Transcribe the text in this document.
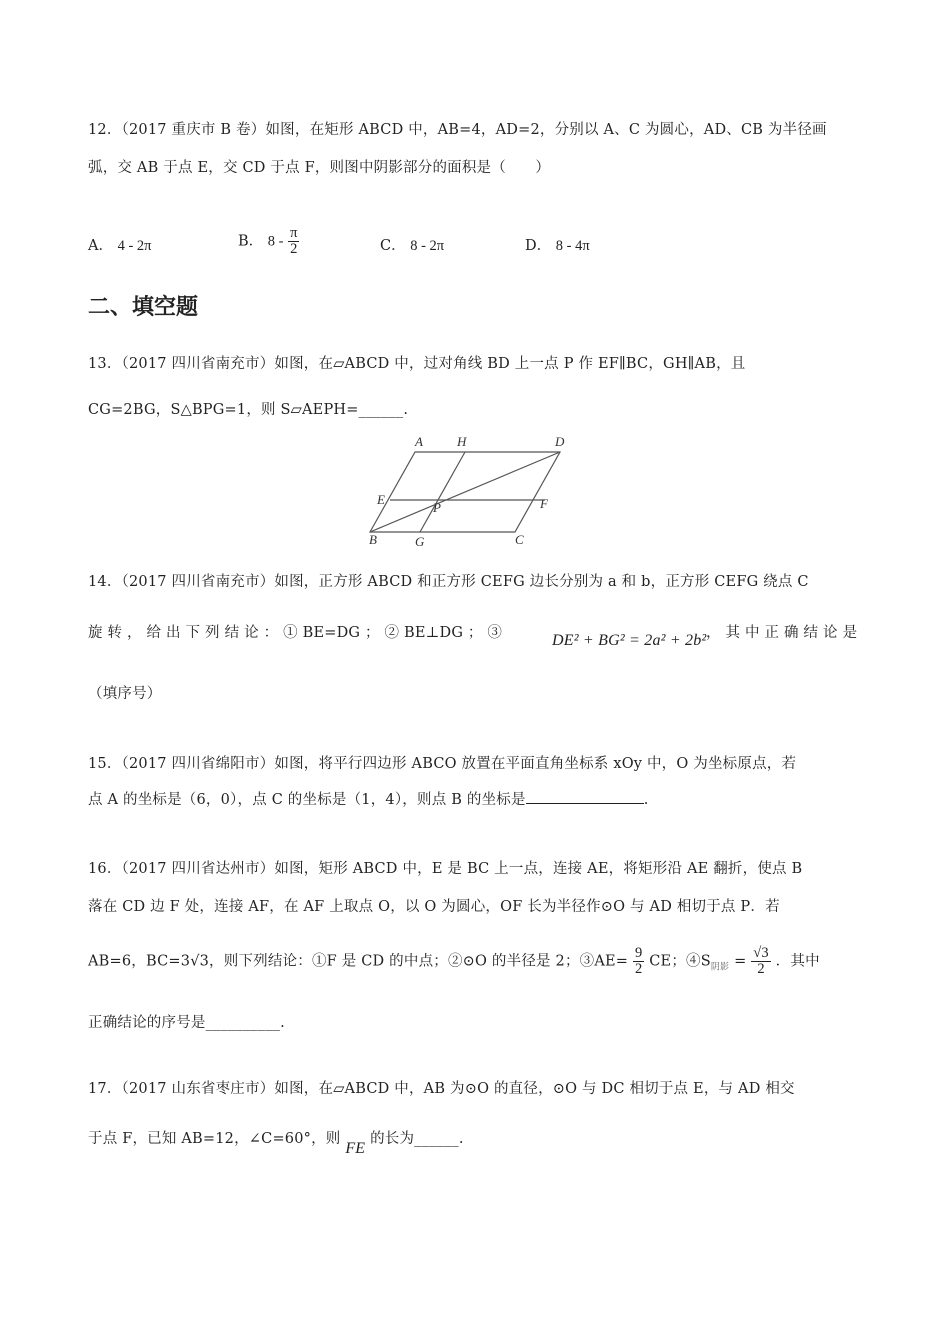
12．（2017 重庆市 B 卷）如图，在矩形 ABCD 中，AB=4，AD=2，分别以 A、C 为圆心，AD、CB 为半径画
弧，交 AB 于点 E，交 CD 于点 F，则图中阴影部分的面积是（　　）
A． 4 - 2π	B． $8 - \frac{\pi}{2}$	C． 8 - 2π	D． 8 - 4π
二、填空题
13．（2017 四川省南充市）如图，在▱ABCD 中，过对角线 BD 上一点 P 作 EF∥BC，GH∥AB，且
CG=2BG，S△BPG=1，则 S▱AEPH=______.
A	H	D
E
P	F
B	G	C
14．（2017 四川省南充市）如图，正方形 ABCD 和正方形 CEFG 边长分别为 a 和 b，正方形 CEFG 绕点 C
旋 转 ， 给 出 下 列 结 论 ： ① BE=DG ； ② BE⊥DG ； ③	DE² + BG² = 2a² + 2b² ， 其 中 正 确 结 论 是
（填序号）
15．（2017 四川省绵阳市）如图，将平行四边形 ABCO 放置在平面直角坐标系 xOy 中，O 为坐标原点，若
点 A 的坐标是（6，0），点 C 的坐标是（1，4），则点 B 的坐标是	.
16．（2017 四川省达州市）如图，矩形 ABCD 中，E 是 BC 上一点，连接 AE，将矩形沿 AE 翻折，使点 B
落在 CD 边 F 处，连接 AF，在 AF 上取点 O，以 O 为圆心，OF 长为半径作⊙O 与 AD 相切于点 P．若
AB=6，BC=3√3，则下列结论：①F 是 CD 的中点；②⊙O 的半径是 2；③AE= $\frac{9}{2}$ CE；$④S_{阴影} = \frac{√3}{2}$ ．其中
正确结论的序号是__________.
17．（2017 山东省枣庄市）如图，在▱ABCD 中，AB 为⊙O 的直径，⊙O 与 DC 相切于点 E，与 AD 相交
于点 F，已知 AB=12，∠C=60°，则 FE 的长为______.
